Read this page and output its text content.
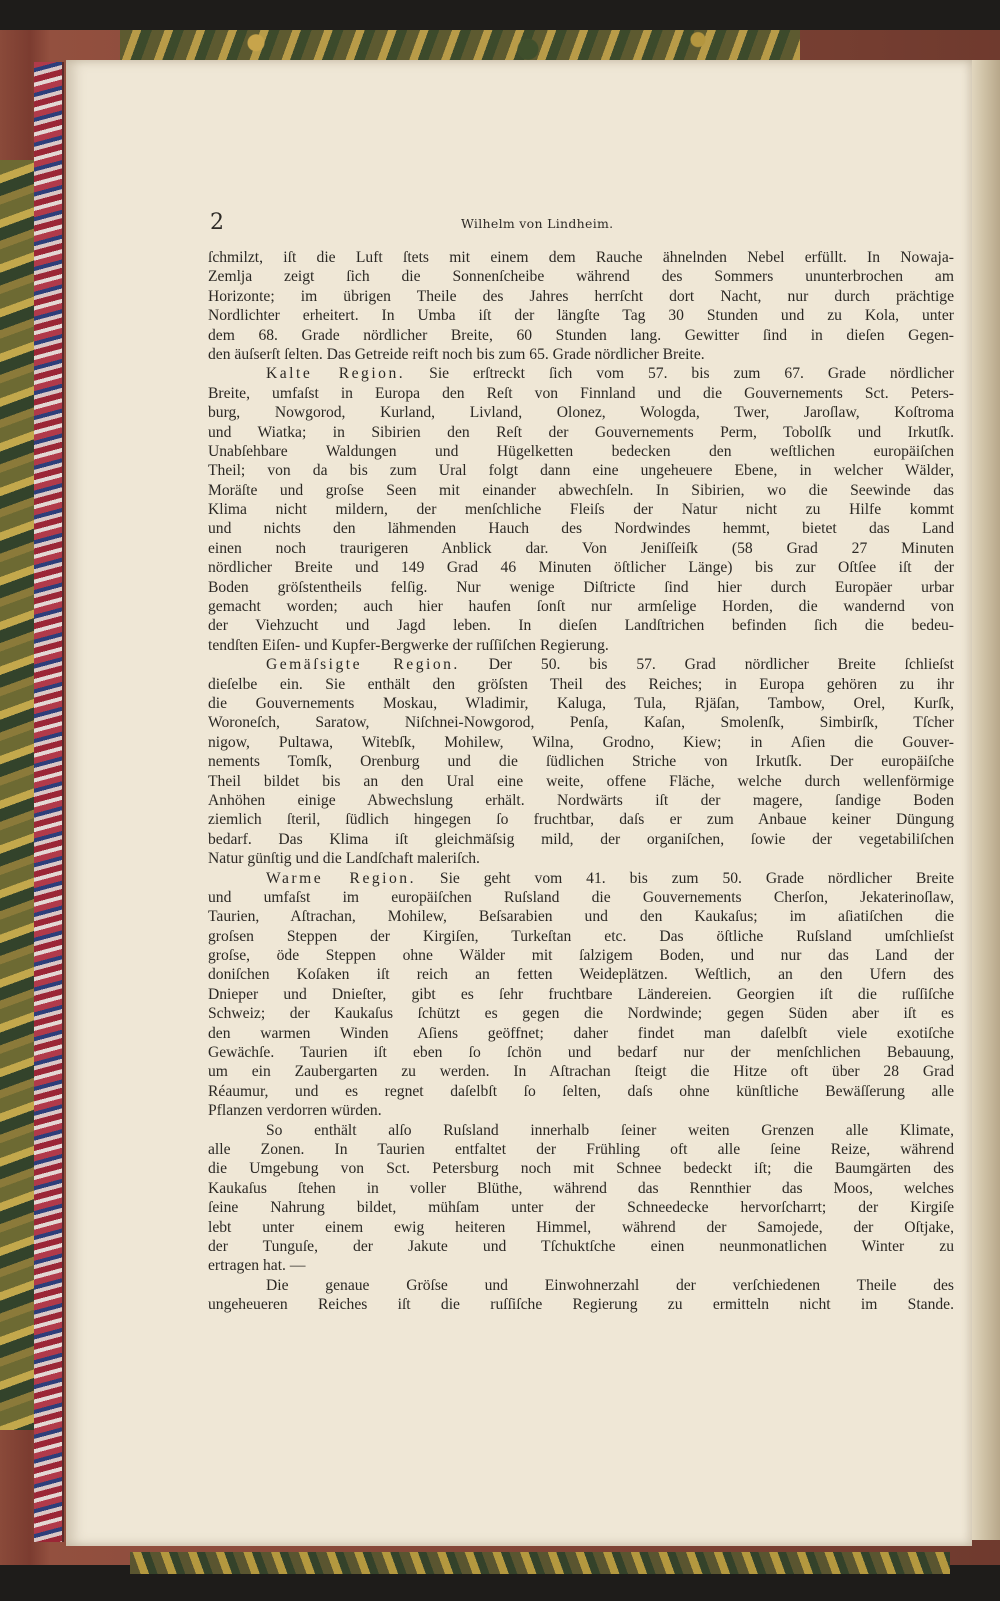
2	Wilhelm von Lindheim.
ſchmilzt, iſt die Luft ſtets mit einem dem Rauche ähnelnden Nebel erfüllt. In Nowaja-
Zemlja zeigt ſich die Sonnenſcheibe während des Sommers ununterbrochen am
Horizonte; im übrigen Theile des Jahres herrſcht dort Nacht, nur durch prächtige
Nordlichter erheitert. In Umba iſt der längſte Tag 30 Stunden und zu Kola, unter
dem 68. Grade nördlicher Breite, 60 Stunden lang. Gewitter ſind in dieſen Gegen-
den äuſserſt ſelten. Das Getreide reift noch bis zum 65. Grade nördlicher Breite.
Kalte Region. Sie erſtreckt ſich vom 57. bis zum 67. Grade nördlicher
Breite, umfaſst in Europa den Reſt von Finnland und die Gouvernements Sct. Peters-
burg, Nowgorod, Kurland, Livland, Olonez, Wologda, Twer, Jaroſlaw, Koſtroma
und Wiatka; in Sibirien den Reſt der Gouvernements Perm, Tobolſk und Irkutſk.
Unabſehbare Waldungen und Hügelketten bedecken den weſtlichen europäiſchen
Theil; von da bis zum Ural folgt dann eine ungeheuere Ebene, in welcher Wälder,
Moräſte und groſse Seen mit einander abwechſeln. In Sibirien, wo die Seewinde das
Klima nicht mildern, der menſchliche Fleiſs der Natur nicht zu Hilfe kommt
und nichts den lähmenden Hauch des Nordwindes hemmt, bietet das Land
einen noch traurigeren Anblick dar. Von Jeniſſeiſk (58 Grad 27 Minuten
nördlicher Breite und 149 Grad 46 Minuten öſtlicher Länge) bis zur Oſtſee iſt der
Boden gröſstentheils felſig. Nur wenige Diſtricte ſind hier durch Europäer urbar
gemacht worden; auch hier haufen ſonſt nur armſelige Horden, die wandernd von
der Viehzucht und Jagd leben. In dieſen Landſtrichen befinden ſich die bedeu-
tendſten Eiſen- und Kupfer-Bergwerke der ruſſiſchen Regierung.
Gemäſsigte Region. Der 50. bis 57. Grad nördlicher Breite ſchlieſst
dieſelbe ein. Sie enthält den gröſsten Theil des Reiches; in Europa gehören zu ihr
die Gouvernements Moskau, Wladimir, Kaluga, Tula, Rjäſan, Tambow, Orel, Kurſk,
Woroneſch, Saratow, Niſchnei-Nowgorod, Penſa, Kaſan, Smolenſk, Simbirſk, Tſcher
nigow, Pultawa, Witebſk, Mohilew, Wilna, Grodno, Kiew; in Aſien die Gouver-
nements Tomſk, Orenburg und die ſüdlichen Striche von Irkutſk. Der europäiſche
Theil bildet bis an den Ural eine weite, offene Fläche, welche durch wellenförmige
Anhöhen einige Abwechslung erhält. Nordwärts iſt der magere, ſandige Boden
ziemlich ſteril, ſüdlich hingegen ſo fruchtbar, daſs er zum Anbaue keiner Düngung
bedarf. Das Klima iſt gleichmäſsig mild, der organiſchen, ſowie der vegetabiliſchen
Natur günſtig und die Landſchaft maleriſch.
Warme Region. Sie geht vom 41. bis zum 50. Grade nördlicher Breite
und umfaſst im europäiſchen Ruſsland die Gouvernements Cherſon, Jekaterinoſlaw,
Taurien, Aſtrachan, Mohilew, Beſsarabien und den Kaukaſus; im aſiatiſchen die
groſsen Steppen der Kirgiſen, Turkeſtan etc. Das öſtliche Ruſsland umſchlieſst
groſse, öde Steppen ohne Wälder mit ſalzigem Boden, und nur das Land der
doniſchen Koſaken iſt reich an fetten Weideplätzen. Weſtlich, an den Ufern des
Dnieper und Dnieſter, gibt es ſehr fruchtbare Ländereien. Georgien iſt die ruſſiſche
Schweiz; der Kaukaſus ſchützt es gegen die Nordwinde; gegen Süden aber iſt es
den warmen Winden Aſiens geöffnet; daher findet man daſelbſt viele exotiſche
Gewächſe. Taurien iſt eben ſo ſchön und bedarf nur der menſchlichen Bebauung,
um ein Zaubergarten zu werden. In Aſtrachan ſteigt die Hitze oft über 28 Grad
Réaumur, und es regnet daſelbſt ſo ſelten, daſs ohne künſtliche Bewäſſerung alle
Pflanzen verdorren würden.
So enthält alſo Ruſsland innerhalb ſeiner weiten Grenzen alle Klimate,
alle Zonen. In Taurien entfaltet der Frühling oft alle ſeine Reize, während
die Umgebung von Sct. Petersburg noch mit Schnee bedeckt iſt; die Baumgärten des
Kaukaſus ſtehen in voller Blüthe, während das Rennthier das Moos, welches
ſeine Nahrung bildet, mühſam unter der Schneedecke hervorſcharrt; der Kirgiſe
lebt unter einem ewig heiteren Himmel, während der Samojede, der Oſtjake,
der Tunguſe, der Jakute und Tſchuktſche einen neunmonatlichen Winter zu
ertragen hat. —
Die genaue Gröſse und Einwohnerzahl der verſchiedenen Theile des
ungeheueren Reiches iſt die ruſſiſche Regierung zu ermitteln nicht im Stande.
